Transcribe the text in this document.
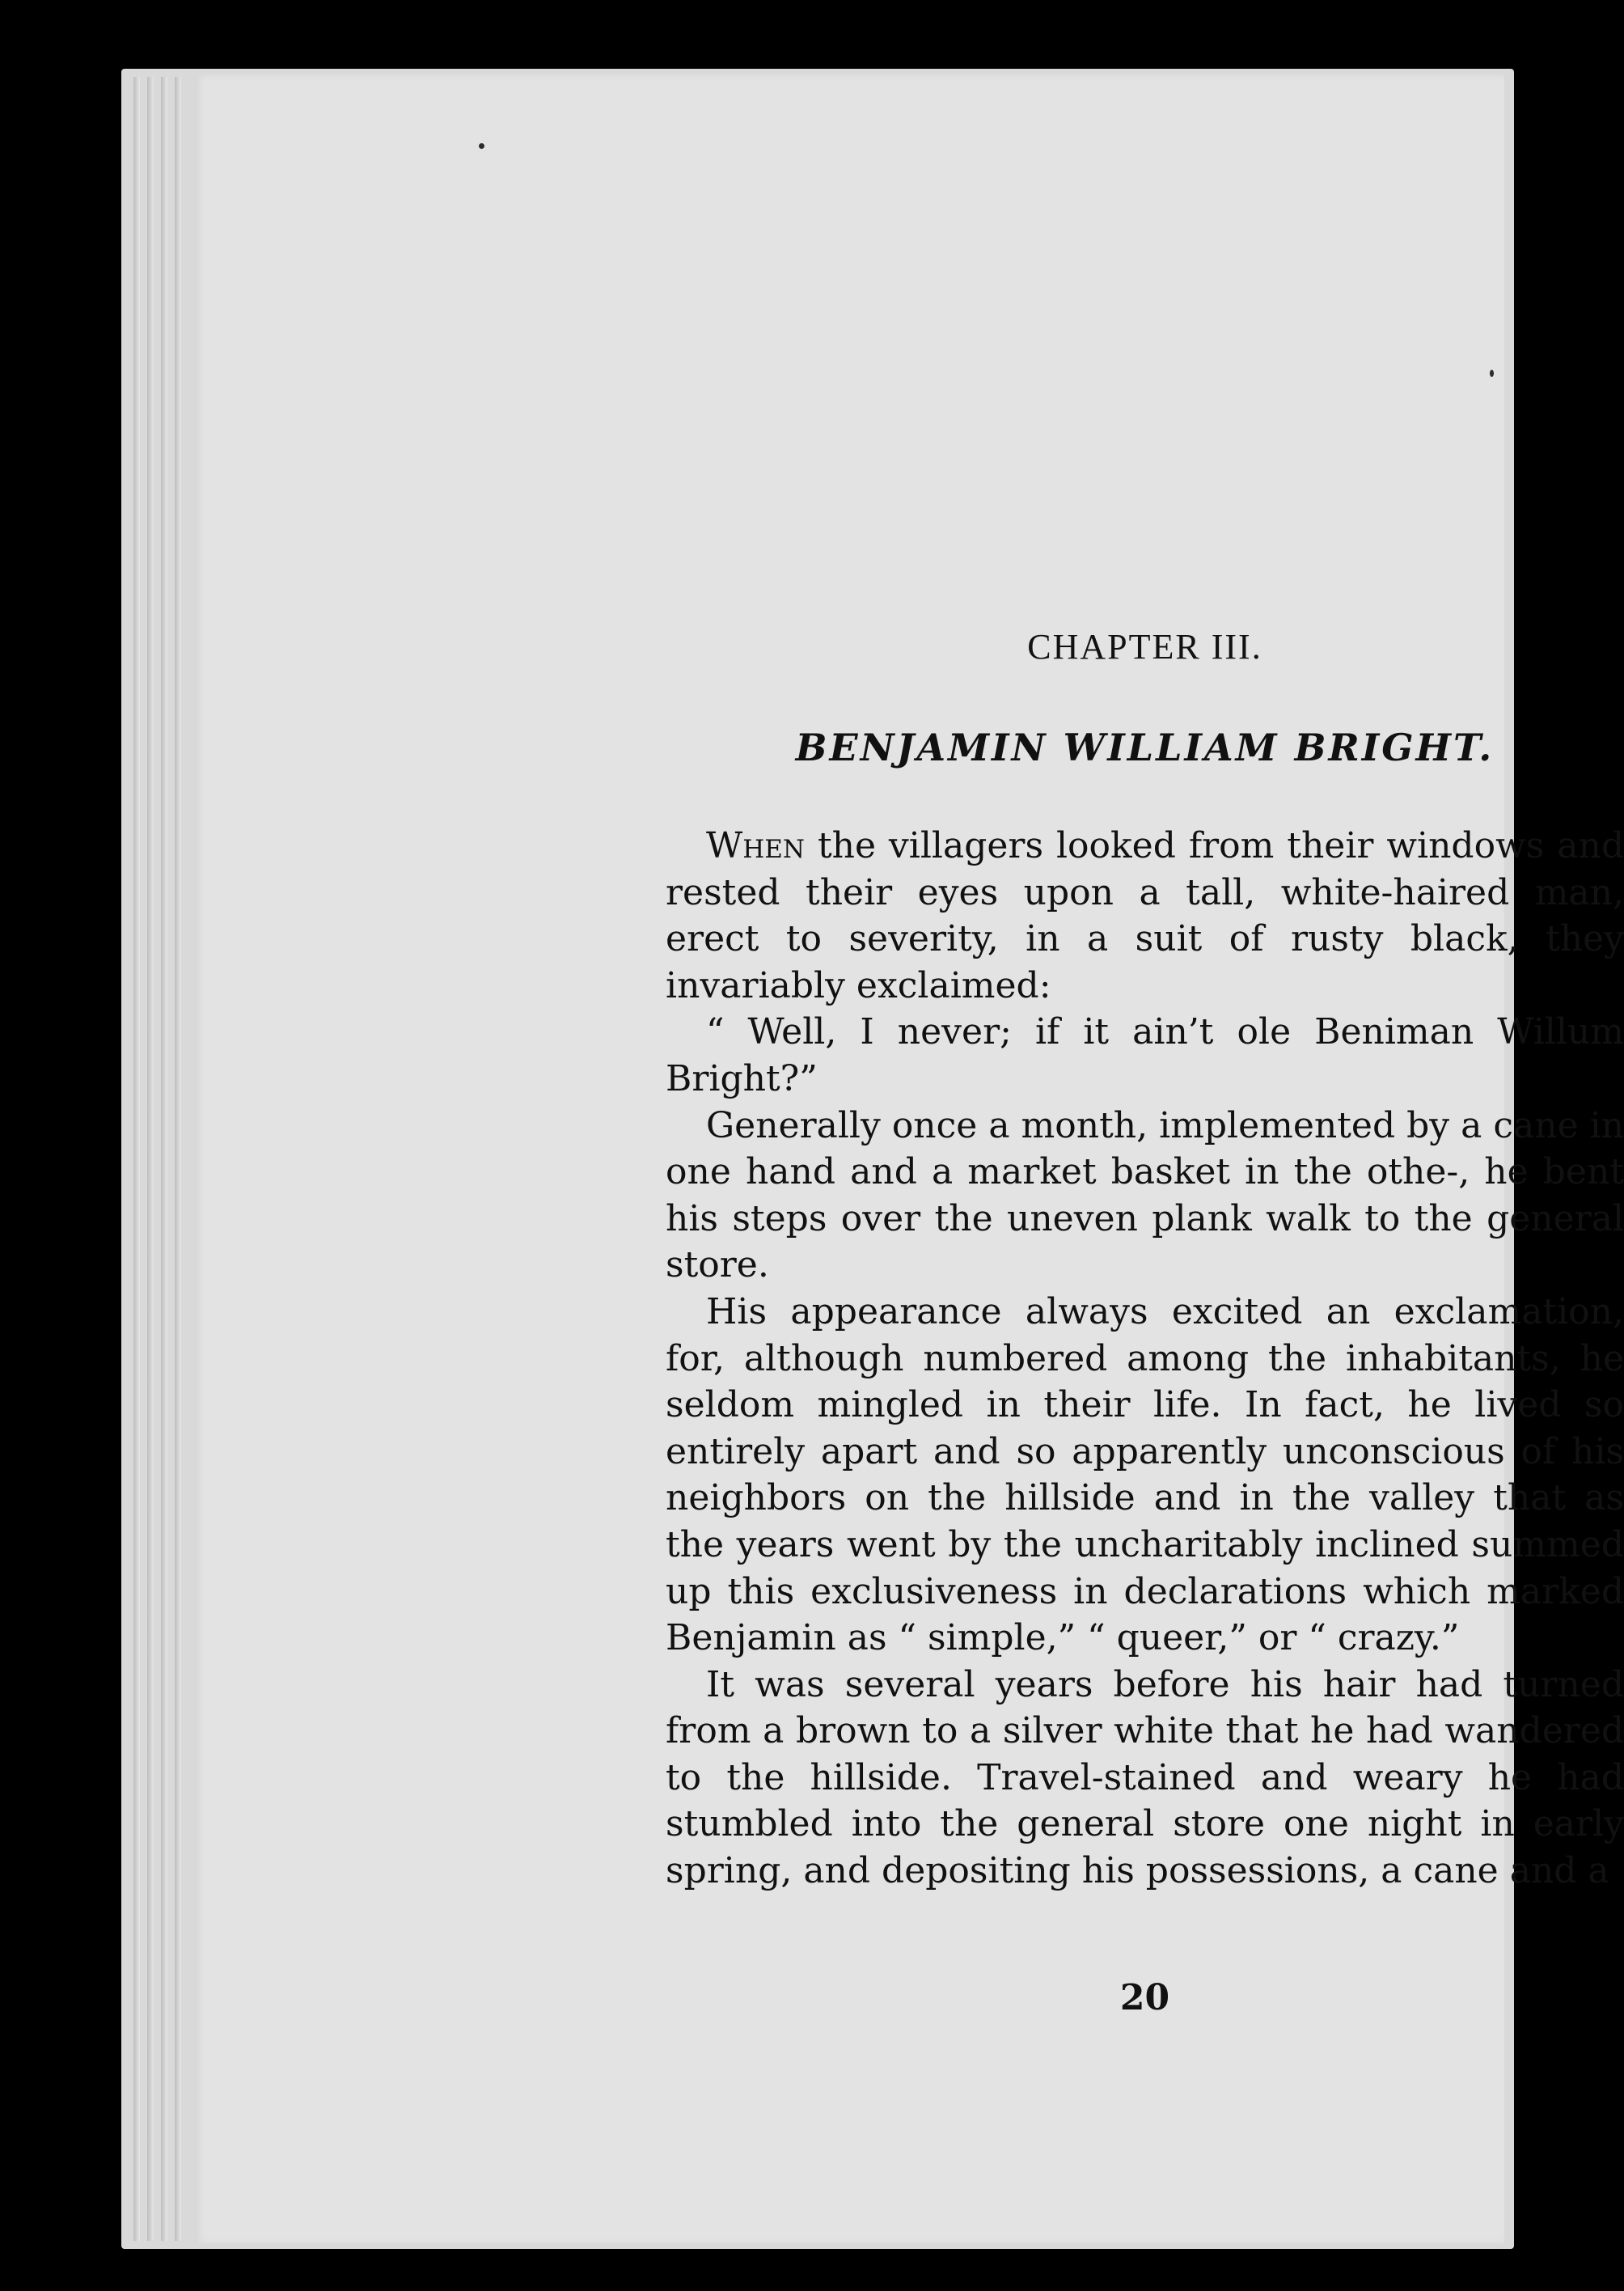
CHAPTER III.
BENJAMIN WILLIAM BRIGHT.

When the villagers looked from their windows and rested their eyes upon a tall, white-haired man, erect to severity, in a suit of rusty black, they invariably exclaimed:

“ Well, I never; if it ain’t ole Beniman Willum Bright?”

Generally once a month, implemented by a cane in one hand and a market basket in the othe‑, he bent his steps over the uneven plank walk to the general store.

His appearance always excited an exclamation, for, although numbered among the inhabitants, he seldom mingled in their life. In fact, he lived so entirely apart and so apparently unconscious of his neighbors on the hillside and in the valley that as the years went by the uncharitably inclined summed up this exclusiveness in declarations which marked Benjamin as “ simple,” “ queer,” or “ crazy.”

It was several years before his hair had turned from a brown to a silver white that he had wandered to the hillside. Travel-stained and weary he had stumbled into the general store one night in early spring, and depositing his possessions, a cane and a

20
